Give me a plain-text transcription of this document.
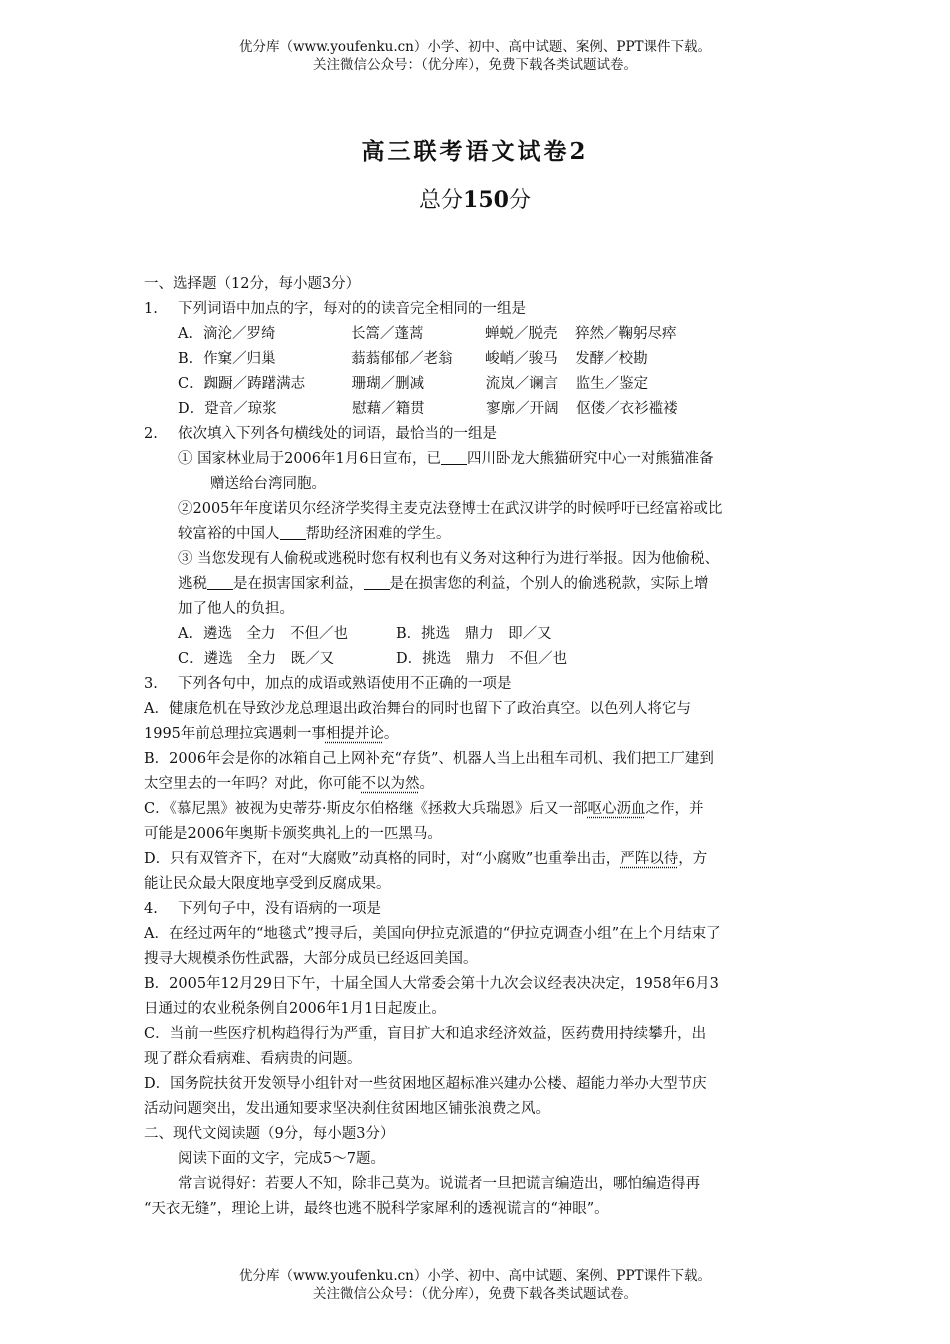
优分库（www.youfenku.cn）小学、初中、高中试题、案例、PPT课件下载。
关注微信公众号：（优分库），免费下载各类试题试卷。
高三联考语文试卷2
总分150分
一、选择题（12分，每小题3分）
1. 下列词语中加点的字，每对的的读音完全相同的一组是
A．滴沦／罗绮	长篙／蓬蒿	蝉蜕／脱壳 猝然／鞠躬尽瘁
B．作窠／归巢	蓊蓊郁郁／老翁 峻峭／骏马 发酵／校勘
C．踟蹰／踌躇满志	珊瑚／删减	流岚／谰言 监生／鉴定
D．跫音／琼浆	慰藉／籍贯	寥廓／开阔 伛偻／衣衫褴褛
2. 依次填入下列各句横线处的词语，最恰当的一组是
① 国家林业局于2006年1月6日宣布，已 四川卧龙大熊猫研究中心一对熊猫准备
赠送给台湾同胞。
②2005年年度诺贝尔经济学奖得主麦克法登博士在武汉讲学的时候呼吁已经富裕或比
较富裕的中国人 帮助经济困难的学生。
③ 当您发现有人偷税或逃税时您有权利也有义务对这种行为进行举报。因为他偷税、
逃税 是在损害国家利益， 是在损害您的利益，个别人的偷逃税款，实际上增
加了他人的负担。
A．遴选　全力　不但／也	B．挑选　鼎力　即／又
C．遴选　全力　既／又	D．挑选　鼎力　不但／也
3. 下列各句中，加点的成语或熟语使用不正确的一项是
A．健康危机在导致沙龙总理退出政治舞台的同时也留下了政治真空。以色列人将它与
1995年前总理拉宾遇刺一事相提并论。
B．2006年会是你的冰箱自己上网补充“存货”、机器人当上出租车司机、我们把工厂建到
太空里去的一年吗？对此，你可能不以为然。
C．《慕尼黑》被视为史蒂芬·斯皮尔伯格继《拯救大兵瑞恩》后又一部呕心沥血之作，并
可能是2006年奥斯卡颁奖典礼上的一匹黑马。
D．只有双管齐下，在对“大腐败”动真格的同时，对“小腐败”也重拳出击，严阵以待，方
能让民众最大限度地享受到反腐成果。
4. 下列句子中，没有语病的一项是
A．在经过两年的“地毯式”搜寻后，美国向伊拉克派遣的“伊拉克调查小组”在上个月结束了
搜寻大规模杀伤性武器，大部分成员已经返回美国。
B．2005年12月29日下午，十届全国人大常委会第十九次会议经表决决定，1958年6月3
日通过的农业税条例自2006年1月1日起废止。
C．当前一些医疗机构趋得行为严重，盲目扩大和追求经济效益，医药费用持续攀升，出
现了群众看病难、看病贵的问题。
D．国务院扶贫开发领导小组针对一些贫困地区超标准兴建办公楼、超能力举办大型节庆
活动问题突出，发出通知要求坚决刹住贫困地区铺张浪费之风。
二、现代文阅读题（9分，每小题3分）
阅读下面的文字，完成5～7题。
常言说得好：若要人不知，除非己莫为。说谎者一旦把谎言编造出，哪怕编造得再
“天衣无缝”，理论上讲，最终也逃不脱科学家犀利的透视谎言的“神眼”。
优分库（www.youfenku.cn）小学、初中、高中试题、案例、PPT课件下载。
关注微信公众号：（优分库），免费下载各类试题试卷。
